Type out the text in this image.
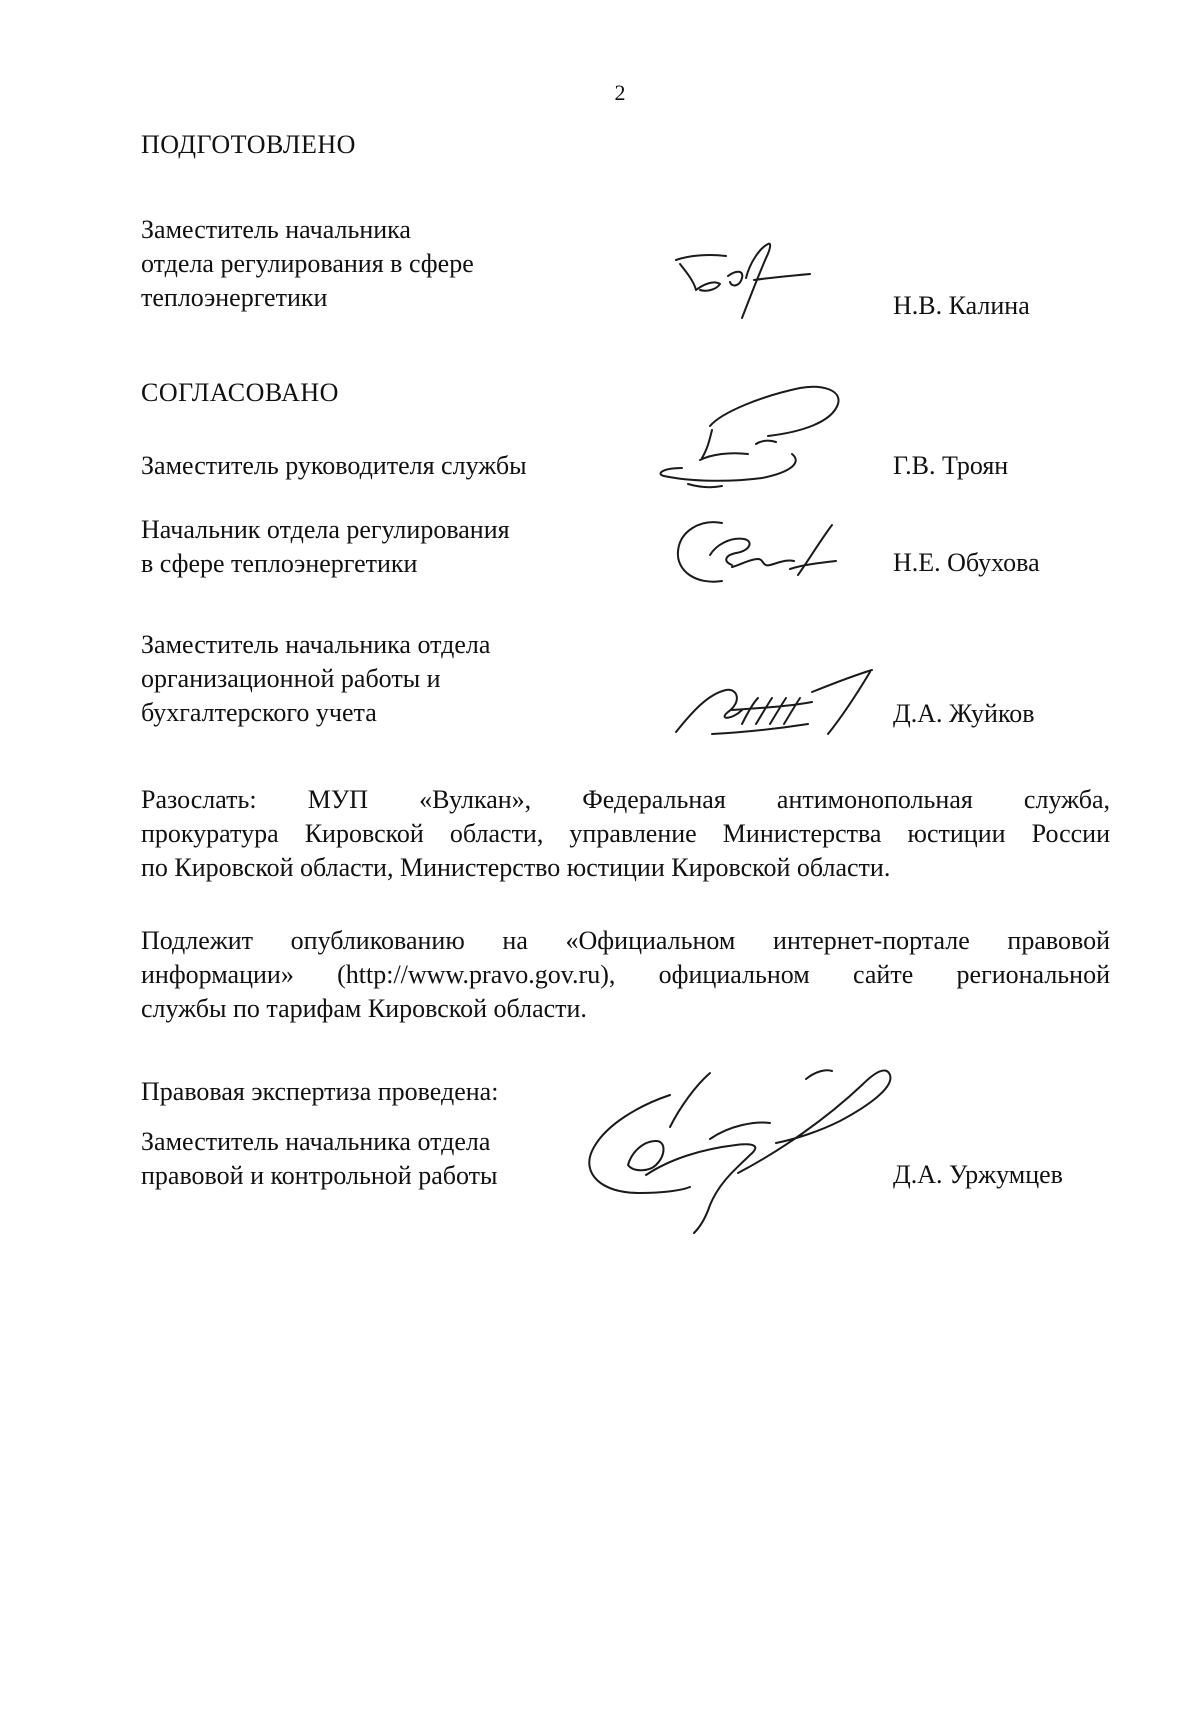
2
ПОДГОТОВЛЕНО
Заместитель начальника
отдела регулирования в сфере
теплоэнергетики	Н.В. Калина
СОГЛАСОВАНО
Заместитель руководителя службы	Г.В. Троян
Начальник отдела регулирования
в сфере теплоэнергетики	Н.Е. Обухова
Заместитель начальника отдела
организационной работы и
бухгалтерского учета	Д.А. Жуйков
Разослать: МУП «Вулкан», Федеральная антимонопольная служба,
прокуратура Кировской области, управление Министерства юстиции России
по Кировской области, Министерство юстиции Кировской области.
Подлежит опубликованию на «Официальном интернет-портале правовой
информации» (http://www.pravo.gov.ru), официальном сайте региональной
службы по тарифам Кировской области.
Правовая экспертиза проведена:
Заместитель начальника отдела
правовой и контрольной работы	Д.А. Уржумцев
